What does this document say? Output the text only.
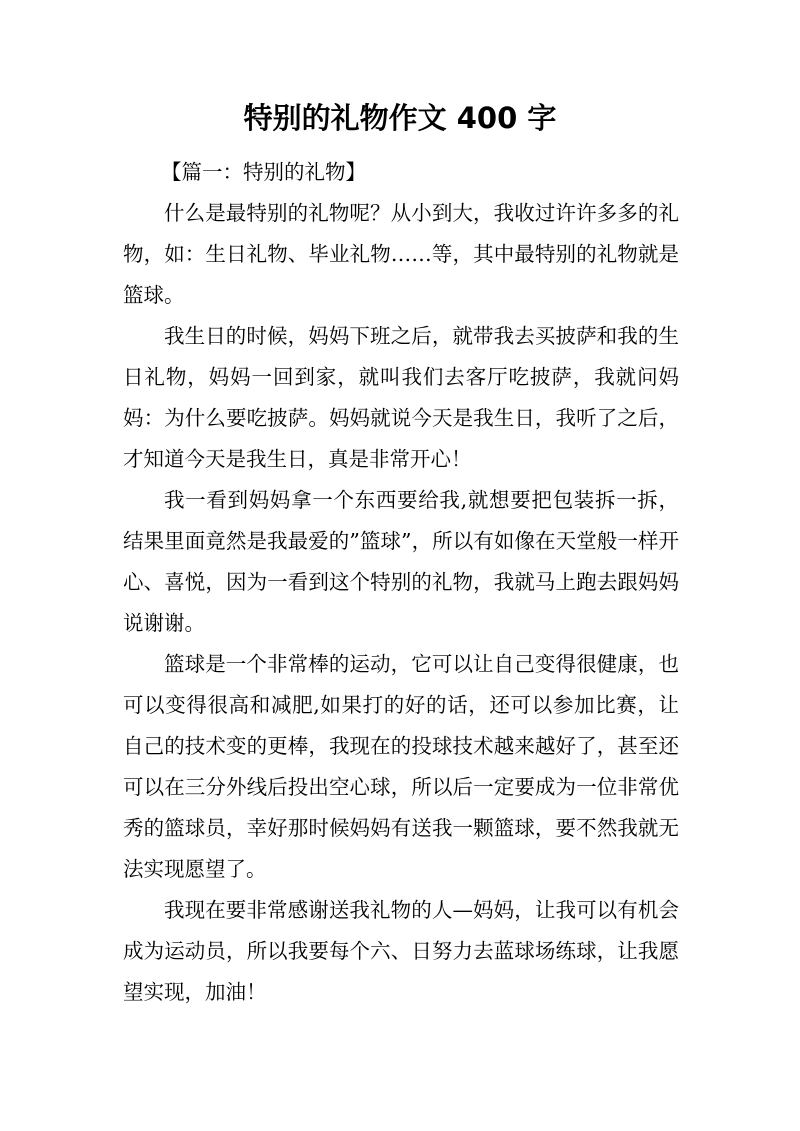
特别的礼物作文 400 字

【篇一：特别的礼物】

什么是最特别的礼物呢？从小到大，我收过许许多多的礼物，如：生日礼物、毕业礼物……等，其中最特别的礼物就是篮球。

我生日的时候，妈妈下班之后，就带我去买披萨和我的生日礼物，妈妈一回到家，就叫我们去客厅吃披萨，我就问妈妈：为什么要吃披萨。妈妈就说今天是我生日，我听了之后，才知道今天是我生日，真是非常开心！

我一看到妈妈拿一个东西要给我,就想要把包装拆一拆，结果里面竟然是我最爱的”篮球”，所以有如像在天堂般一样开心、喜悦，因为一看到这个特别的礼物，我就马上跑去跟妈妈说谢谢。

篮球是一个非常棒的运动，它可以让自己变得很健康，也可以变得很高和减肥,如果打的好的话，还可以参加比赛，让自己的技术变的更棒，我现在的投球技术越来越好了，甚至还可以在三分外线后投出空心球，所以后一定要成为一位非常优秀的篮球员，幸好那时候妈妈有送我一颗篮球，要不然我就无法实现愿望了。

我现在要非常感谢送我礼物的人—妈妈，让我可以有机会成为运动员，所以我要每个六、日努力去蓝球场练球，让我愿望实现，加油！
